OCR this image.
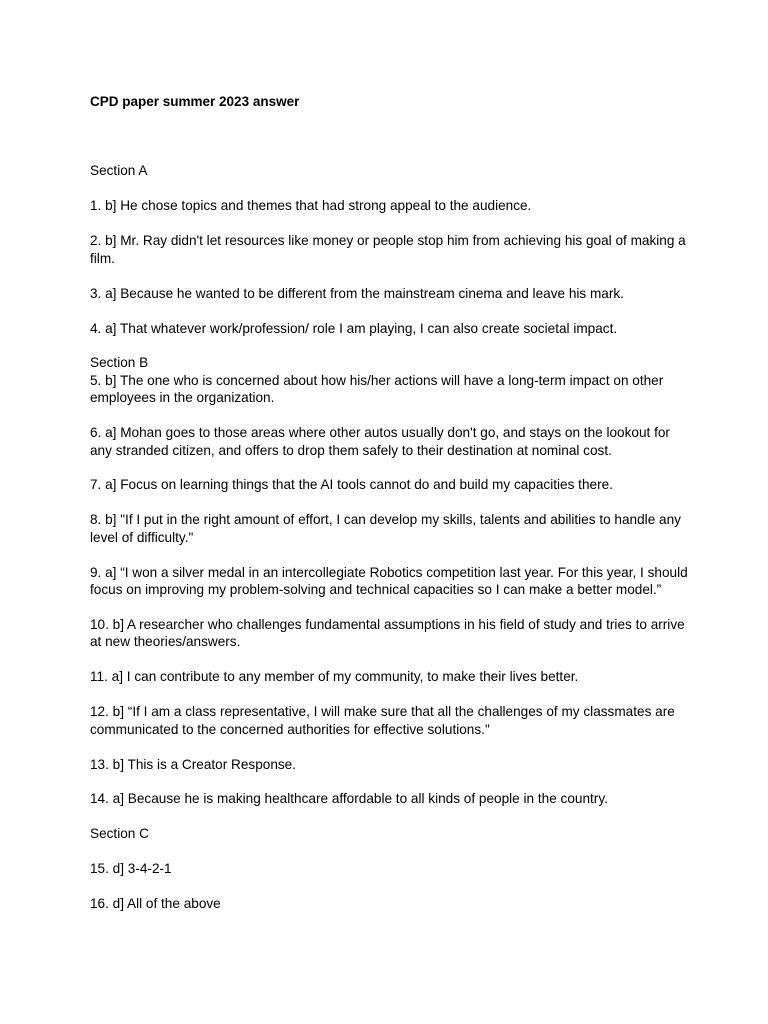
CPD paper summer 2023 answer

Section A

1. b] He chose topics and themes that had strong appeal to the audience.

2. b] Mr. Ray didn't let resources like money or people stop him from achieving his goal of making a film.

3. a] Because he wanted to be different from the mainstream cinema and leave his mark.

4. a] That whatever work/profession/ role I am playing, I can also create societal impact.

Section B

5. b] The one who is concerned about how his/her actions will have a long-term impact on other employees in the organization.

6. a] Mohan goes to those areas where other autos usually don't go, and stays on the lookout for any stranded citizen, and offers to drop them safely to their destination at nominal cost.

7. a] Focus on learning things that the AI tools cannot do and build my capacities there.

8. b] "If I put in the right amount of effort, I can develop my skills, talents and abilities to handle any level of difficulty."

9. a] “I won a silver medal in an intercollegiate Robotics competition last year. For this year, I should focus on improving my problem-solving and technical capacities so I can make a better model.”

10. b] A researcher who challenges fundamental assumptions in his field of study and tries to arrive at new theories/answers.

11. a] I can contribute to any member of my community, to make their lives better.

12. b] “If I am a class representative, I will make sure that all the challenges of my classmates are communicated to the concerned authorities for effective solutions."

13. b] This is a Creator Response.

14. a] Because he is making healthcare affordable to all kinds of people in the country.

Section C

15. d] 3-4-2-1

16. d] All of the above
